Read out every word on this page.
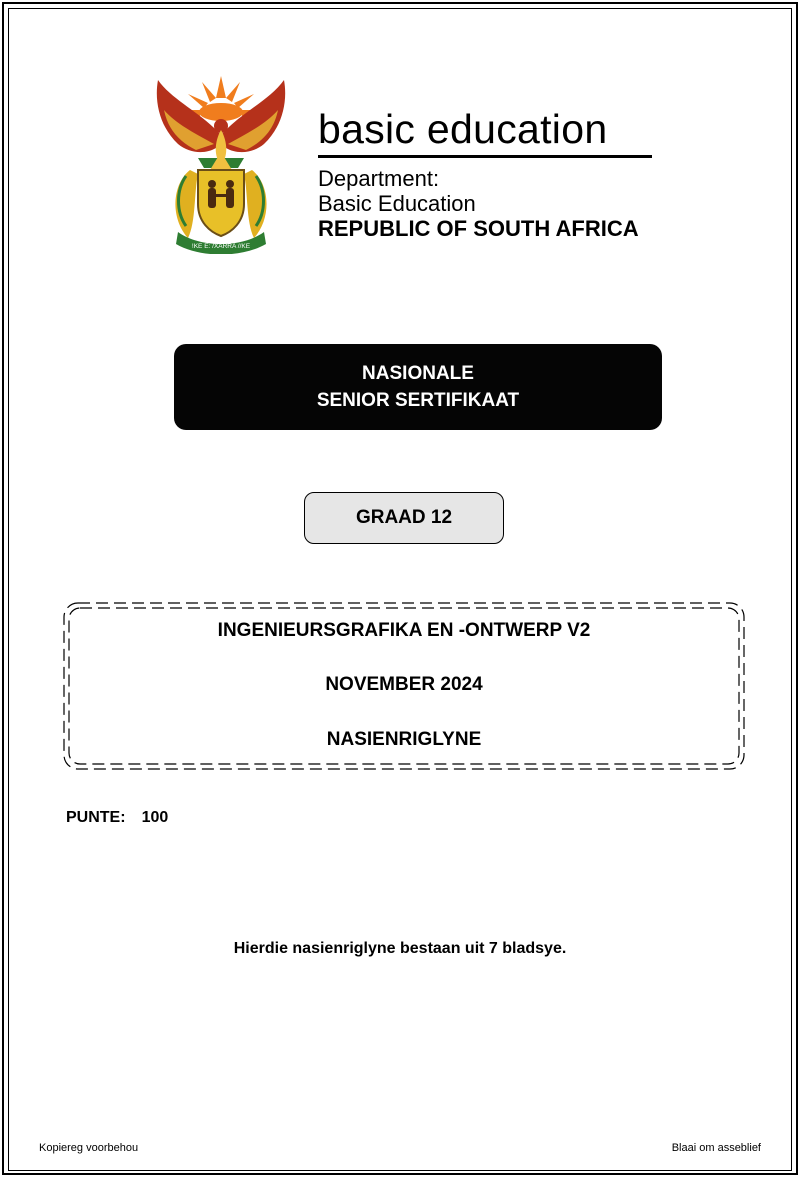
!KE E: /XARRA //KE
basic education
Department:
Basic Education
REPUBLIC OF SOUTH AFRICA
NASIONALE
SENIOR SERTIFIKAAT
GRAAD 12
INGENIEURSGRAFIKA EN -ONTWERP V2
NOVEMBER 2024
NASIENRIGLYNE
PUNTE: 100
Hierdie nasienriglyne bestaan uit 7 bladsye.
Kopiereg voorbehou	Blaai om asseblief
